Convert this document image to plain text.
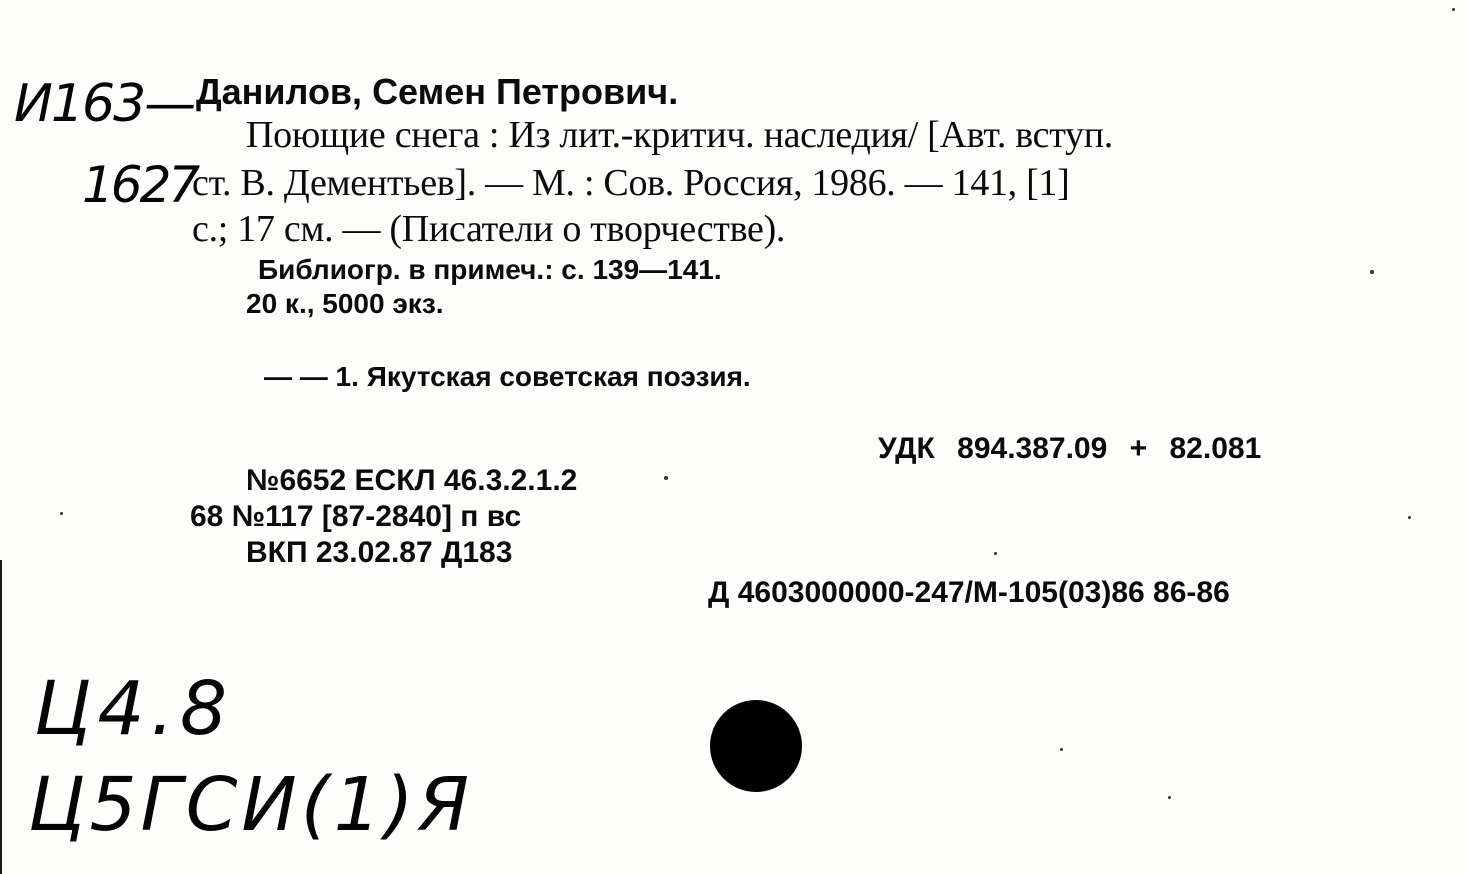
И163—
1627
Данилов, Семен Петрович.
Поющие снега : Из лит.-критич. наследия/ [Авт. вступ.
ст. В. Дементьев]. — М. : Сов. Россия, 1986. — 141, [1]
с.; 17 см. — (Писатели о творчестве).
Библиогр. в примеч.: с. 139—141.
20 к., 5000 экз.
— — 1. Якутская советская поэзия.
УДК 894.387.09 + 82.081
№6652 ЕСКЛ 46.3.2.1.2
68 №117 [87-2840] п вс
ВКП 23.02.87 Д183
Д 4603000000-247/М-105(03)86 86-86
Ц4.8
Ц5ГСИ(1)Я
